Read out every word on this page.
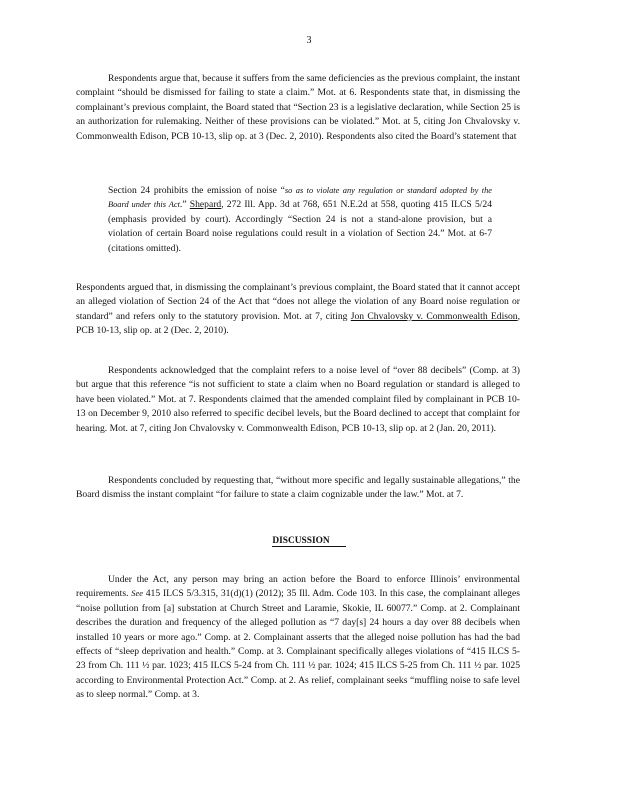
3

Respondents argue that, because it suffers from the same deficiencies as the previous complaint, the instant complaint “should be dismissed for failing to state a claim.” Mot. at 6. Respondents state that, in dismissing the complainant’s previous complaint, the Board stated that “Section 23 is a legislative declaration, while Section 25 is an authorization for rulemaking. Neither of these provisions can be violated.” Mot. at 5, citing Jon Chvalovsky v. Commonwealth Edison, PCB 10-13, slip op. at 3 (Dec. 2, 2010). Respondents also cited the Board’s statement that

Section 24 prohibits the emission of noise “so as to violate any regulation or standard adopted by the Board under this Act.” Shepard, 272 Ill. App. 3d at 768, 651 N.E.2d at 558, quoting 415 ILCS 5/24 (emphasis provided by court). Accordingly “Section 24 is not a stand-alone provision, but a violation of certain Board noise regulations could result in a violation of Section 24.” Mot. at 6-7 (citations omitted).

Respondents argued that, in dismissing the complainant’s previous complaint, the Board stated that it cannot accept an alleged violation of Section 24 of the Act that “does not allege the violation of any Board noise regulation or standard” and refers only to the statutory provision. Mot. at 7, citing Jon Chvalovsky v. Commonwealth Edison, PCB 10-13, slip op. at 2 (Dec. 2, 2010).

Respondents acknowledged that the complaint refers to a noise level of “over 88 decibels” (Comp. at 3) but argue that this reference “is not sufficient to state a claim when no Board regulation or standard is alleged to have been violated.” Mot. at 7. Respondents claimed that the amended complaint filed by complainant in PCB 10-13 on December 9, 2010 also referred to specific decibel levels, but the Board declined to accept that complaint for hearing. Mot. at 7, citing Jon Chvalovsky v. Commonwealth Edison, PCB 10-13, slip op. at 2 (Jan. 20, 2011).

Respondents concluded by requesting that, “without more specific and legally sustainable allegations,” the Board dismiss the instant complaint “for failure to state a claim cognizable under the law.” Mot. at 7.

DISCUSSION

Under the Act, any person may bring an action before the Board to enforce Illinois’ environmental requirements. See 415 ILCS 5/3.315, 31(d)(1) (2012); 35 Ill. Adm. Code 103. In this case, the complainant alleges “noise pollution from [a] substation at Church Street and Laramie, Skokie, IL 60077.” Comp. at 2. Complainant describes the duration and frequency of the alleged pollution as “7 day[s] 24 hours a day over 88 decibels when installed 10 years or more ago.” Comp. at 2. Complainant asserts that the alleged noise pollution has had the bad effects of “sleep deprivation and health.” Comp. at 3. Complainant specifically alleges violations of “415 ILCS 5-23 from Ch. 111 ½ par. 1023; 415 ILCS 5-24 from Ch. 111 ½ par. 1024; 415 ILCS 5-25 from Ch. 111 ½ par. 1025 according to Environmental Protection Act.” Comp. at 2. As relief, complainant seeks “muffling noise to safe level as to sleep normal.” Comp. at 3.
